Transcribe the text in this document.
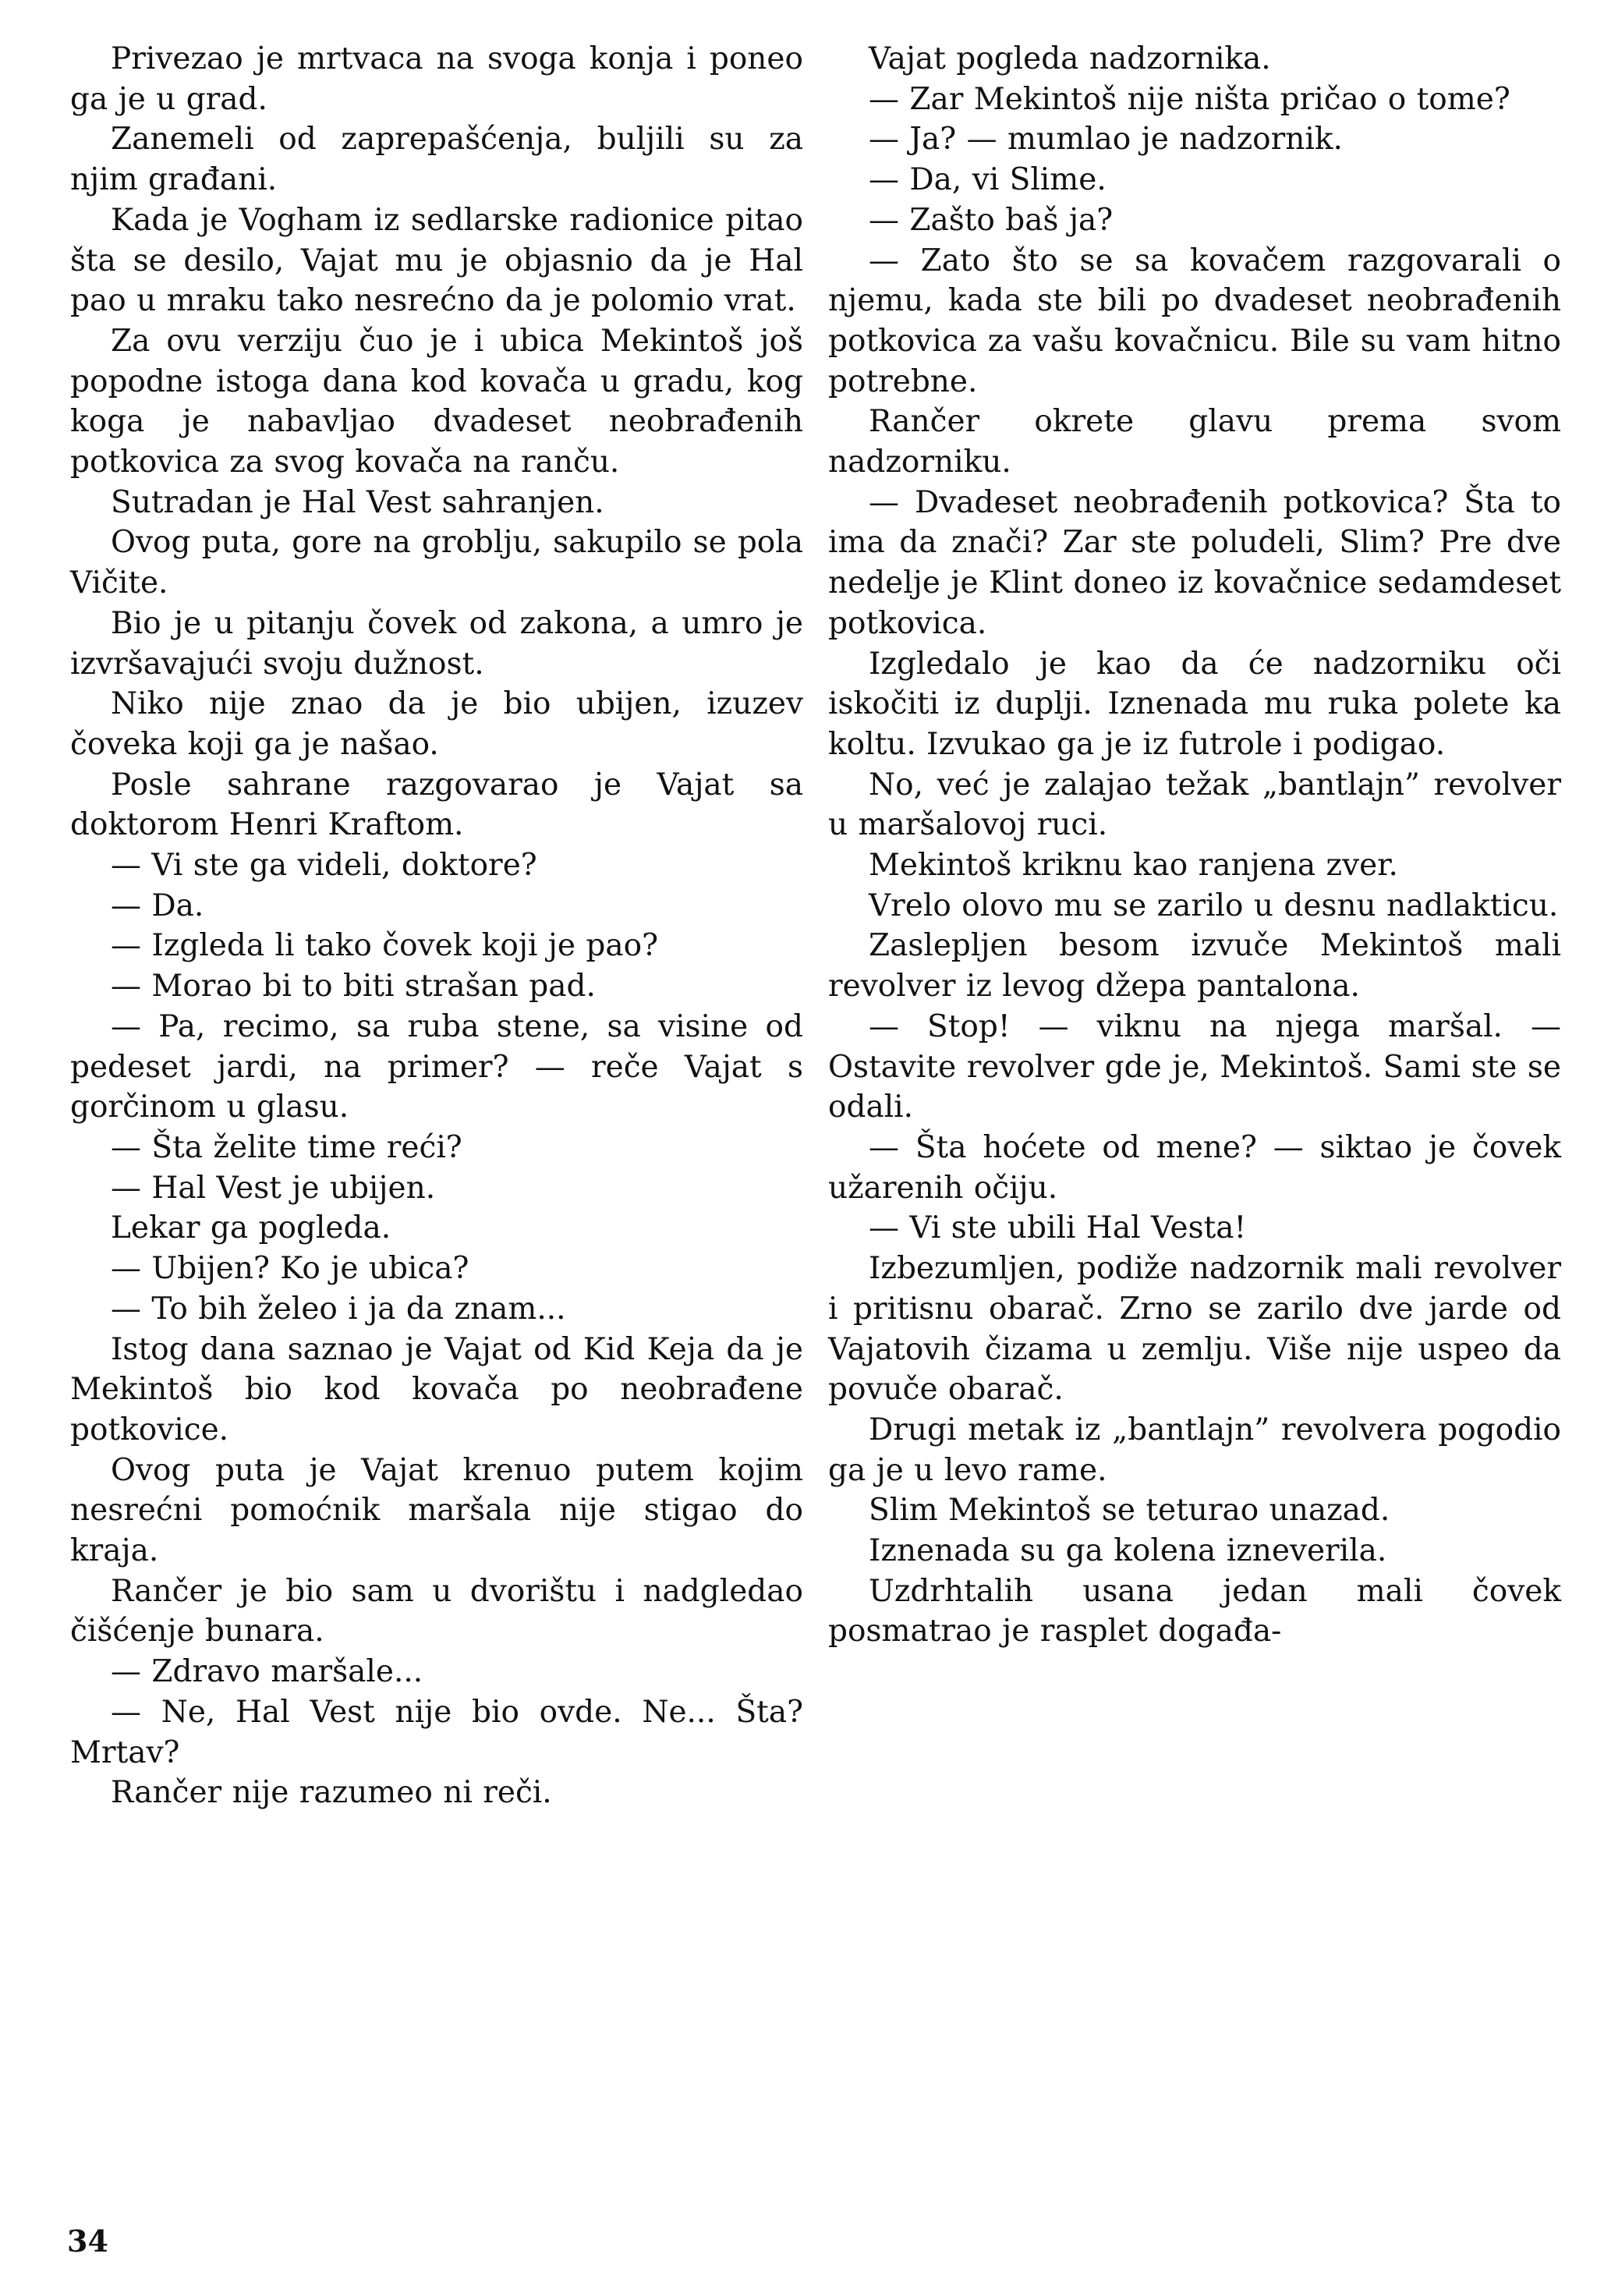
Privezao je mrtvaca na svoga konja i poneo ga je u grad.

Zanemeli od zaprepašćenja, buljili su za njim građani.

Kada je Vogham iz sedlarske radionice pitao šta se desilo, Vajat mu je objasnio da je Hal pao u mraku tako nesrećno da je polomio vrat.

Za ovu verziju čuo je i ubica Mekintoš još popodne istoga dana kod kovača u gradu, kog koga je nabavljao dvadeset neobrađenih potkovica za svog kovača na ranču.

Sutradan je Hal Vest sahranjen.

Ovog puta, gore na groblju, sakupilo se pola Vičite.

Bio je u pitanju čovek od zakona, a umro je izvršavajući svoju dužnost.

Niko nije znao da je bio ubijen, izuzev čoveka koji ga je našao.

Posle sahrane razgovarao je Vajat sa doktorom Henri Kraftom.

— Vi ste ga videli, doktore?

— Da.

— Izgleda li tako čovek koji je pao?

— Morao bi to biti strašan pad.

— Pa, recimo, sa ruba stene, sa visine od pedeset jardi, na primer? — reče Vajat s gorčinom u glasu.

— Šta želite time reći?

— Hal Vest je ubijen.

Lekar ga pogleda.

— Ubijen? Ko je ubica?

— To bih želeo i ja da znam...

Istog dana saznao je Vajat od Kid Keja da je Mekintoš bio kod kovača po neobrađene potkovice.

Ovog puta je Vajat krenuo putem kojim nesrećni pomoćnik maršala nije stigao do kraja.

Rančer je bio sam u dvorištu i nadgledao čišćenje bunara.

— Zdravo maršale...

— Ne, Hal Vest nije bio ovde. Ne... Šta? Mrtav?

Rančer nije razumeo ni reči.

Vajat pogleda nadzornika.

— Zar Mekintoš nije ništa pričao o tome?

— Ja? — mumlao je nadzornik.

— Da, vi Slime.

— Zašto baš ja?

— Zato što se sa kovačem razgovarali o njemu, kada ste bili po dvadeset neobrađenih potkovica za vašu kovačnicu. Bile su vam hitno potrebne.

Rančer okrete glavu prema svom nadzorniku.

— Dvadeset neobrađenih potkovica? Šta to ima da znači? Zar ste poludeli, Slim? Pre dve nedelje je Klint doneo iz kovačnice sedamdeset potkovica.

Izgledalo je kao da će nadzorniku oči iskočiti iz duplji. Iznenada mu ruka polete ka koltu. Izvukao ga je iz futrole i podigao.

No, već je zalajao težak „bantlajn” revolver u maršalovoj ruci.

Mekintoš kriknu kao ranjena zver.

Vrelo olovo mu se zarilo u desnu nadlakticu.

Zaslepljen besom izvuče Mekintoš mali revolver iz levog džepa pantalona.

— Stop! — viknu na njega maršal. — Ostavite revolver gde je, Mekintoš. Sami ste se odali.

— Šta hoćete od mene? — siktao je čovek užarenih očiju.

— Vi ste ubili Hal Vesta!

Izbezumljen, podiže nadzornik mali revolver i pritisnu obarač. Zrno se zarilo dve jarde od Vajatovih čizama u zemlju. Više nije uspeo da povuče obarač.

Drugi metak iz „bantlajn” revolvera pogodio ga je u levo rame.

Slim Mekintoš se teturao unazad.

Iznenada su ga kolena izneverila.

Uzdrhtalih usana jedan mali čovek posmatrao je rasplet događa-

34
